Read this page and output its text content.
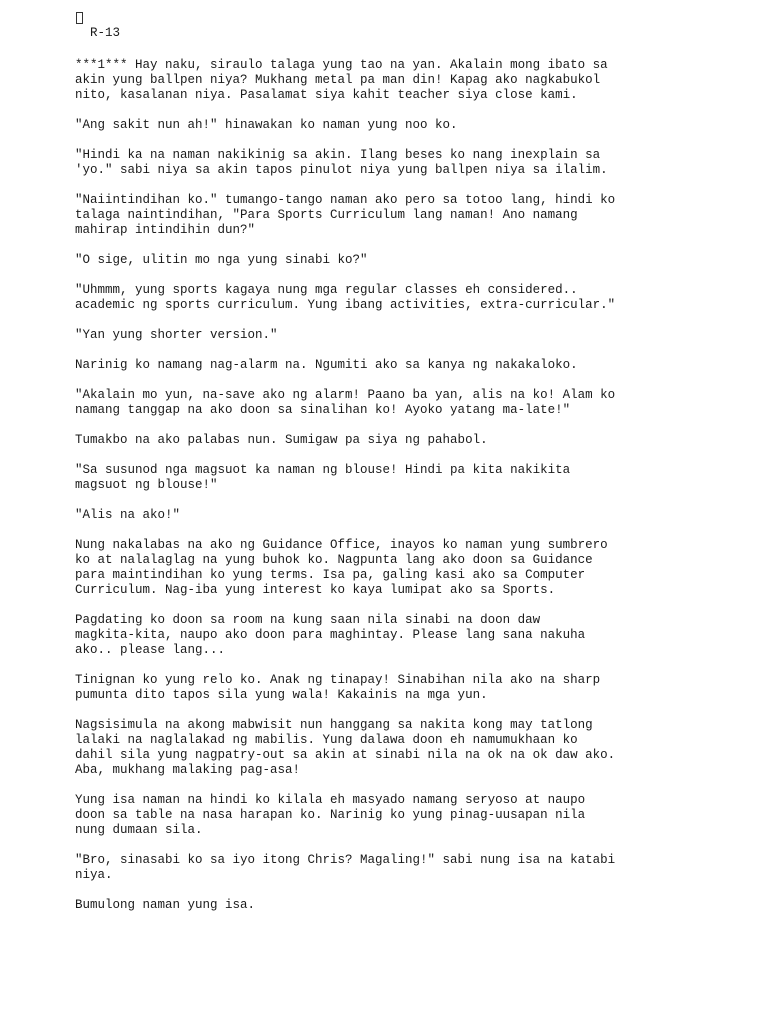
R-13

***1*** Hay naku, siraulo talaga yung tao na yan. Akalain mong ibato sa
akin yung ballpen niya? Mukhang metal pa man din! Kapag ako nagkabukol
nito, kasalanan niya. Pasalamat siya kahit teacher siya close kami.

"Ang sakit nun ah!" hinawakan ko naman yung noo ko.

"Hindi ka na naman nakikinig sa akin. Ilang beses ko nang inexplain sa
'yo." sabi niya sa akin tapos pinulot niya yung ballpen niya sa ilalim.

"Naiintindihan ko." tumango-tango naman ako pero sa totoo lang, hindi ko
talaga naintindihan, "Para Sports Curriculum lang naman! Ano namang
mahirap intindihin dun?"

"O sige, ulitin mo nga yung sinabi ko?"

"Uhmmm, yung sports kagaya nung mga regular classes eh considered..
academic ng sports curriculum. Yung ibang activities, extra-curricular."

"Yan yung shorter version."

Narinig ko namang nag-alarm na. Ngumiti ako sa kanya ng nakakaloko.

"Akalain mo yun, na-save ako ng alarm! Paano ba yan, alis na ko! Alam ko
namang tanggap na ako doon sa sinalihan ko! Ayoko yatang ma-late!"

Tumakbo na ako palabas nun. Sumigaw pa siya ng pahabol.

"Sa susunod nga magsuot ka naman ng blouse! Hindi pa kita nakikita
magsuot ng blouse!"

"Alis na ako!"

Nung nakalabas na ako ng Guidance Office, inayos ko naman yung sumbrero
ko at nalalaglag na yung buhok ko. Nagpunta lang ako doon sa Guidance
para maintindihan ko yung terms. Isa pa, galing kasi ako sa Computer
Curriculum. Nag-iba yung interest ko kaya lumipat ako sa Sports.

Pagdating ko doon sa room na kung saan nila sinabi na doon daw
magkita-kita, naupo ako doon para maghintay. Please lang sana nakuha
ako.. please lang...

Tinignan ko yung relo ko. Anak ng tinapay! Sinabihan nila ako na sharp
pumunta dito tapos sila yung wala! Kakainis na mga yun.

Nagsisimula na akong mabwisit nun hanggang sa nakita kong may tatlong
lalaki na naglalakad ng mabilis. Yung dalawa doon eh namumukhaan ko
dahil sila yung nagpatry-out sa akin at sinabi nila na ok na ok daw ako.
Aba, mukhang malaking pag-asa!

Yung isa naman na hindi ko kilala eh masyado namang seryoso at naupo
doon sa table na nasa harapan ko. Narinig ko yung pinag-uusapan nila
nung dumaan sila.

"Bro, sinasabi ko sa iyo itong Chris? Magaling!" sabi nung isa na katabi
niya.

Bumulong naman yung isa.
